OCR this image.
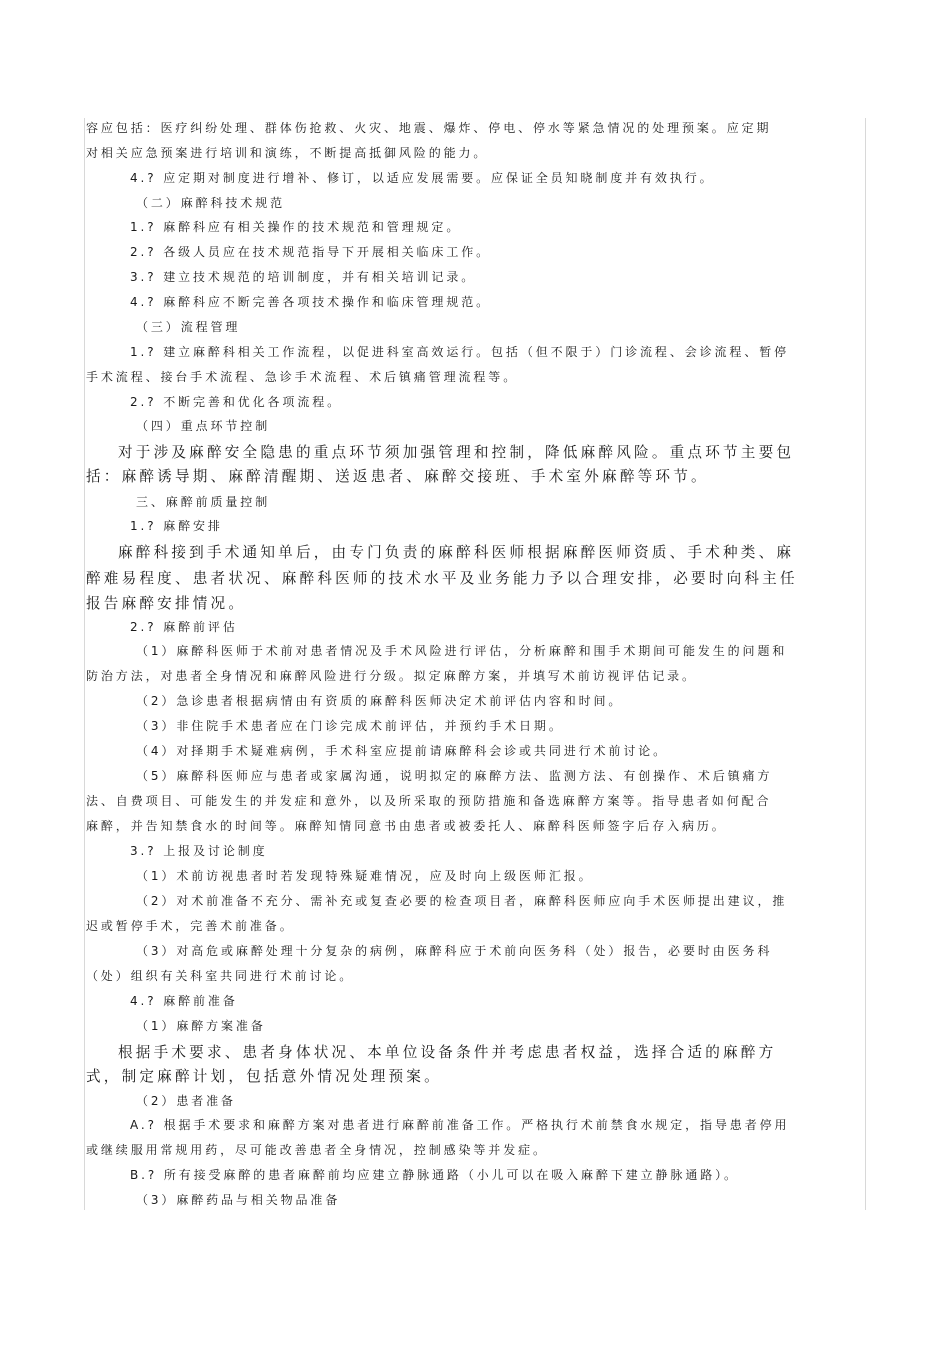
容应包括：医疗纠纷处理、群体伤抢救、火灾、地震、爆炸、停电、停水等紧急情况的处理预案。应定期
对相关应急预案进行培训和演练，不断提高抵御风险的能力。
4.? 应定期对制度进行增补、修订，以适应发展需要。应保证全员知晓制度并有效执行。
（二）麻醉科技术规范
1.? 麻醉科应有相关操作的技术规范和管理规定。
2.? 各级人员应在技术规范指导下开展相关临床工作。
3.? 建立技术规范的培训制度，并有相关培训记录。
4.? 麻醉科应不断完善各项技术操作和临床管理规范。
（三）流程管理
1.? 建立麻醉科相关工作流程，以促进科室高效运行。包括（但不限于）门诊流程、会诊流程、暂停
手术流程、接台手术流程、急诊手术流程、术后镇痛管理流程等。
2.? 不断完善和优化各项流程。
（四）重点环节控制
对于涉及麻醉安全隐患的重点环节须加强管理和控制，降低麻醉风险。重点环节主要包
括：麻醉诱导期、麻醉清醒期、送返患者、麻醉交接班、手术室外麻醉等环节。
三、麻醉前质量控制
1.? 麻醉安排
麻醉科接到手术通知单后，由专门负责的麻醉科医师根据麻醉医师资质、手术种类、麻
醉难易程度、患者状况、麻醉科医师的技术水平及业务能力予以合理安排，必要时向科主任
报告麻醉安排情况。
2.? 麻醉前评估
（1）麻醉科医师于术前对患者情况及手术风险进行评估，分析麻醉和围手术期间可能发生的问题和
防治方法，对患者全身情况和麻醉风险进行分级。拟定麻醉方案，并填写术前访视评估记录。
（2）急诊患者根据病情由有资质的麻醉科医师决定术前评估内容和时间。
（3）非住院手术患者应在门诊完成术前评估，并预约手术日期。
（4）对择期手术疑难病例，手术科室应提前请麻醉科会诊或共同进行术前讨论。
（5）麻醉科医师应与患者或家属沟通，说明拟定的麻醉方法、监测方法、有创操作、术后镇痛方
法、自费项目、可能发生的并发症和意外，以及所采取的预防措施和备选麻醉方案等。指导患者如何配合
麻醉，并告知禁食水的时间等。麻醉知情同意书由患者或被委托人、麻醉科医师签字后存入病历。
3.? 上报及讨论制度
（1）术前访视患者时若发现特殊疑难情况，应及时向上级医师汇报。
（2）对术前准备不充分、需补充或复查必要的检查项目者，麻醉科医师应向手术医师提出建议，推
迟或暂停手术，完善术前准备。
（3）对高危或麻醉处理十分复杂的病例，麻醉科应于术前向医务科（处）报告，必要时由医务科
（处）组织有关科室共同进行术前讨论。
4.? 麻醉前准备
（1）麻醉方案准备
根据手术要求、患者身体状况、本单位设备条件并考虑患者权益，选择合适的麻醉方
式，制定麻醉计划，包括意外情况处理预案。
（2）患者准备
A.? 根据手术要求和麻醉方案对患者进行麻醉前准备工作。严格执行术前禁食水规定，指导患者停用
或继续服用常规用药，尽可能改善患者全身情况，控制感染等并发症。
B.? 所有接受麻醉的患者麻醉前均应建立静脉通路（小儿可以在吸入麻醉下建立静脉通路）。
（3）麻醉药品与相关物品准备
